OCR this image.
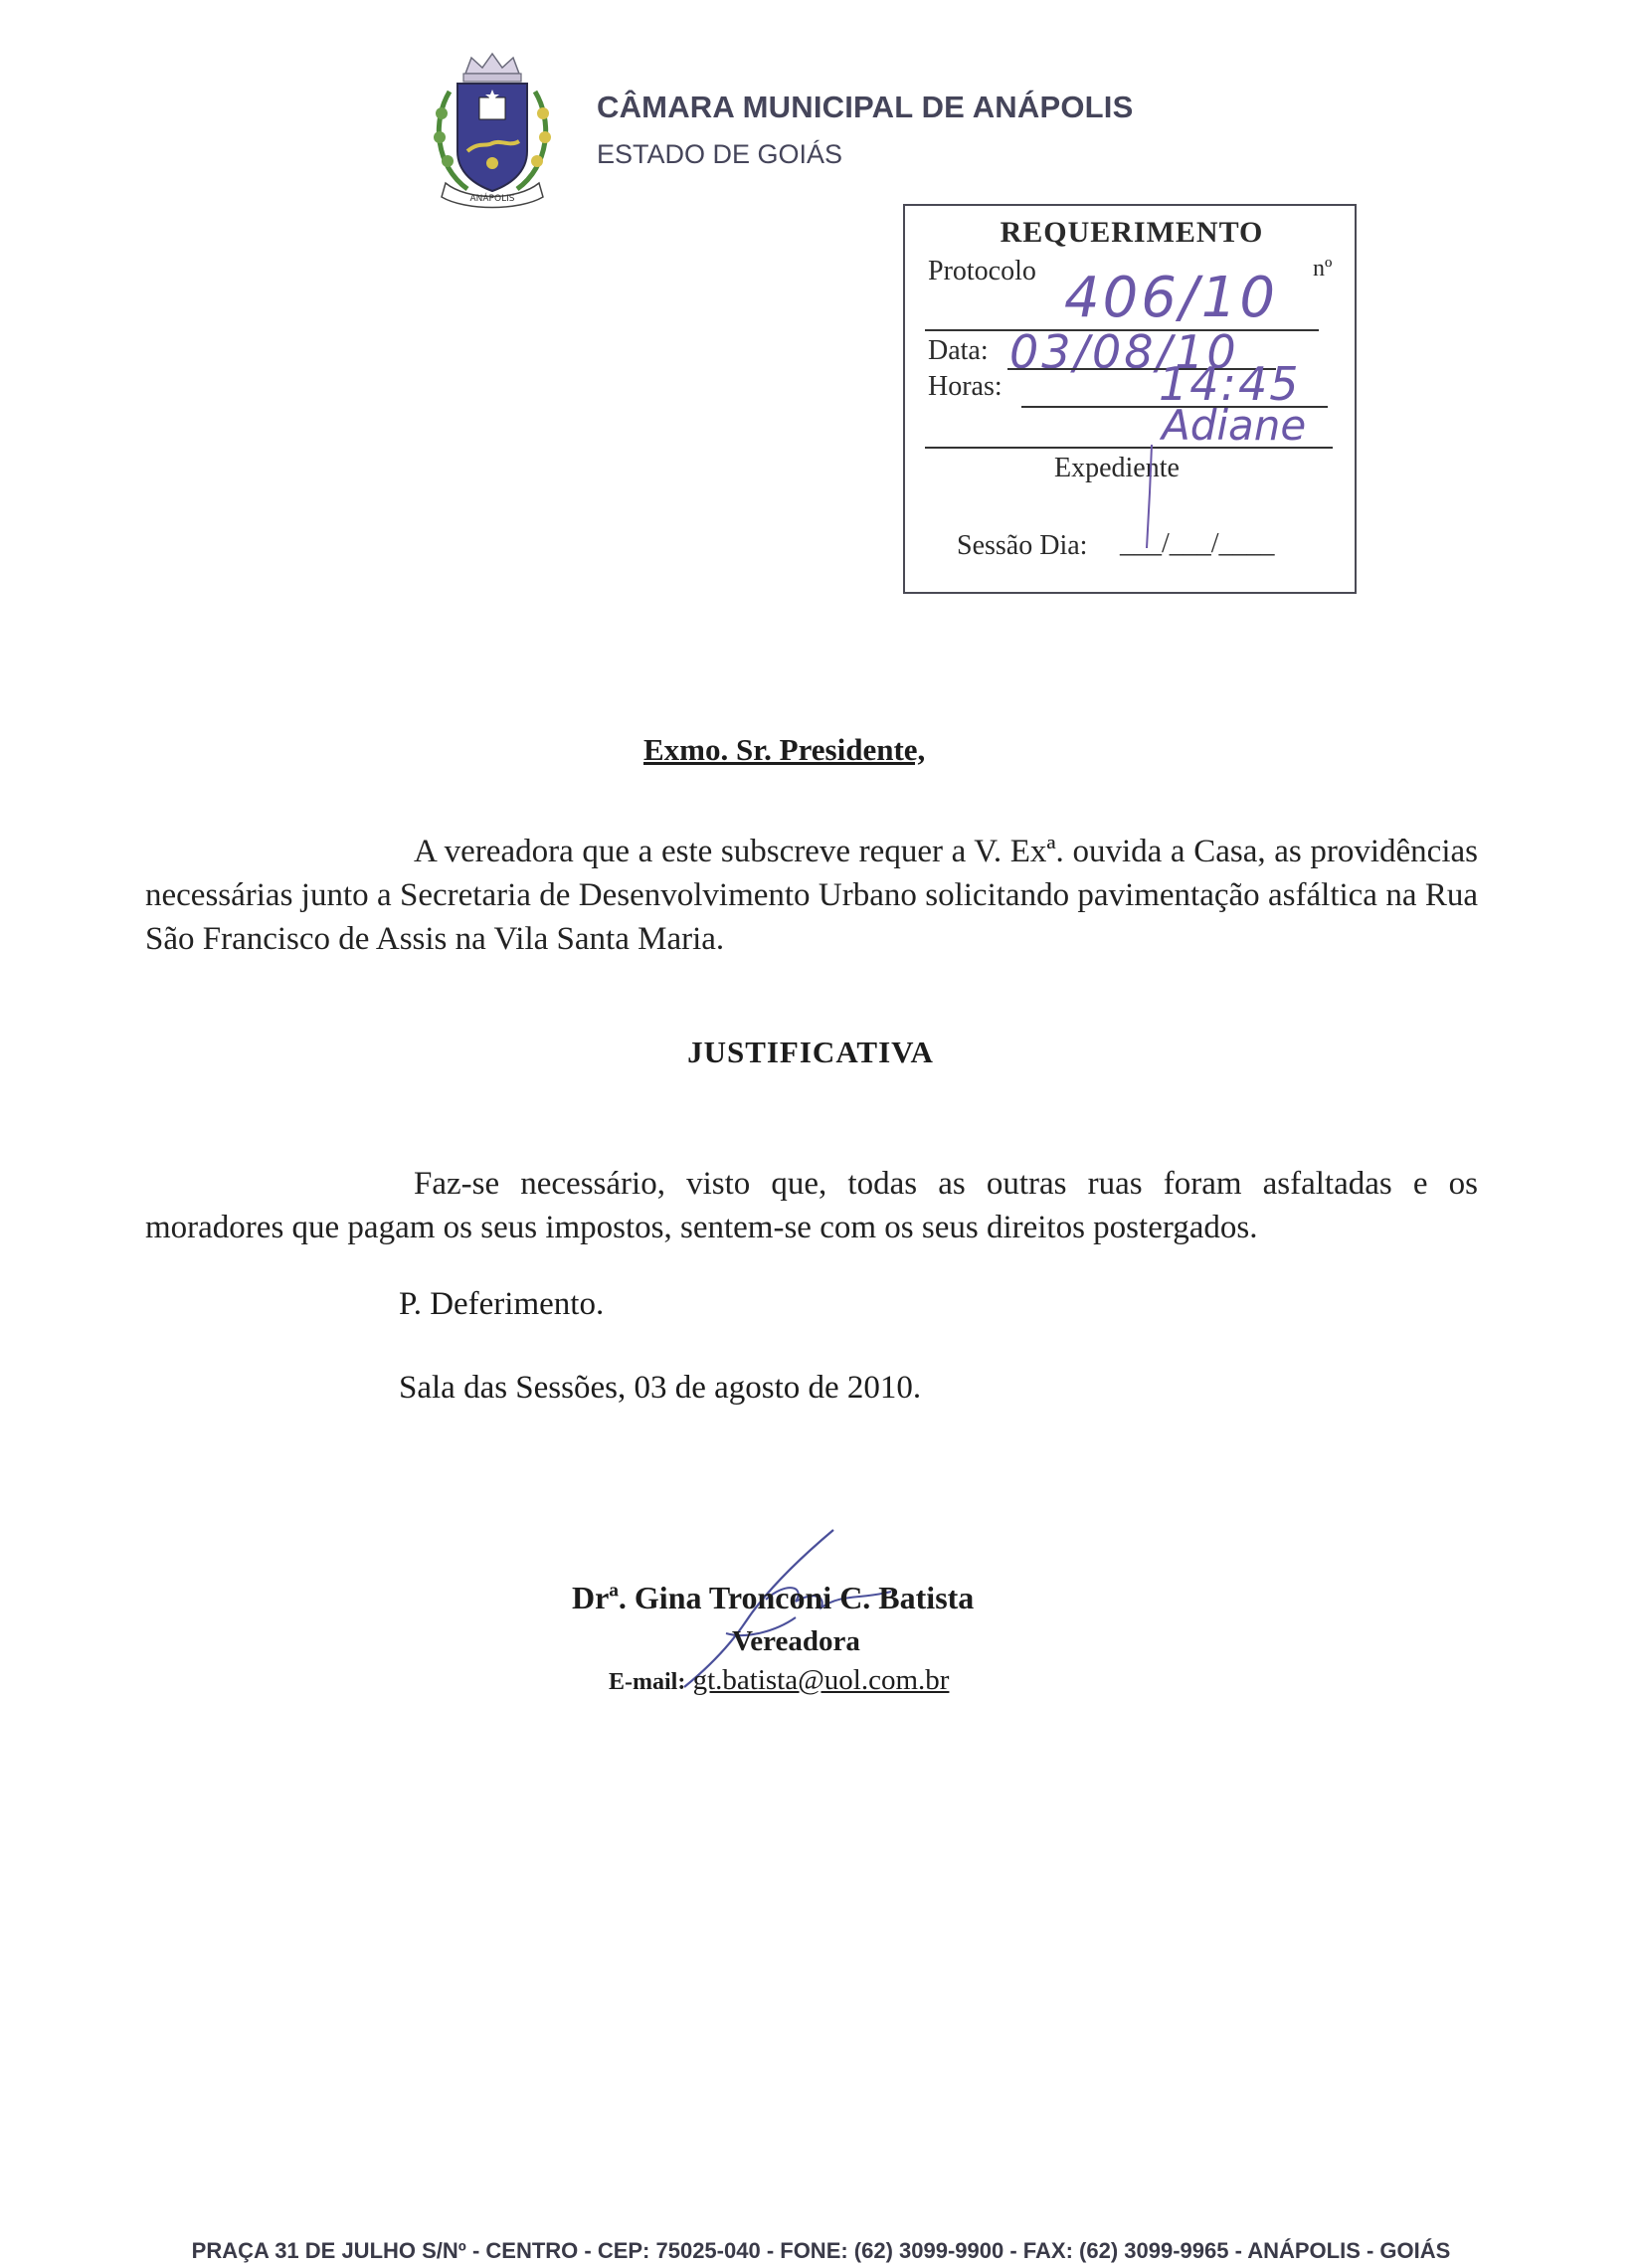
ANÁPOLIS
CÂMARA MUNICIPAL DE ANÁPOLIS
ESTADO DE GOIÁS
REQUERIMENTO
Protocolo	nº
406/10
Data: 03/08/10
Horas:	14:45
Adiane
Expediente
Sessão Dia: ___/___/____
Exmo. Sr. Presidente,
A vereadora que a este subscreve requer a V. Exª. ouvida a Casa, as providências necessárias junto a Secretaria de Desenvolvimento Urbano solicitando pavimentação asfáltica na Rua São Francisco de Assis na Vila Santa Maria.
JUSTIFICATIVA
Faz-se necessário, visto que, todas as outras ruas foram asfaltadas e os moradores que pagam os seus impostos, sentem-se com os seus direitos postergados.
P. Deferimento.
Sala das Sessões, 03 de agosto de 2010.
Drª. Gina Tronconi C. Batista
Vereadora
E-mail: gt.batista@uol.com.br
PRAÇA 31 DE JULHO S/Nº - CENTRO - CEP: 75025-040 - FONE: (62) 3099-9900 - FAX: (62) 3099-9965 - ANÁPOLIS - GOIÁS
